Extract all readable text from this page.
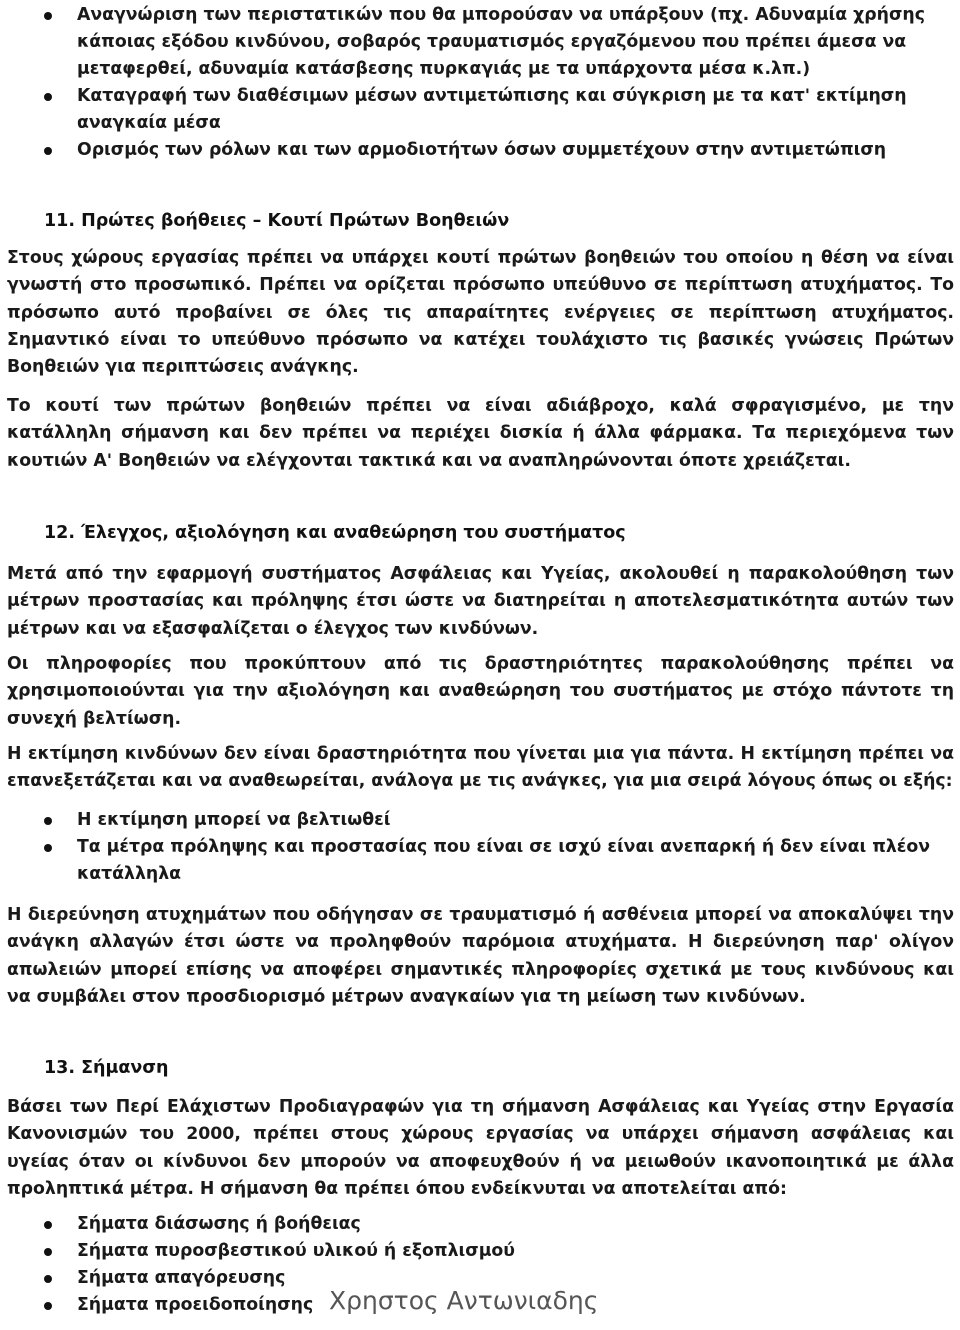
Αναγνώριση των περιστατικών που θα μπορούσαν να υπάρξουν (πχ. Αδυναμία χρήσης κάποιας εξόδου κινδύνου, σοβαρός τραυματισμός εργαζόμενου που πρέπει άμεσα να μεταφερθεί, αδυναμία κατάσβεσης πυρκαγιάς με τα υπάρχοντα μέσα κ.λπ.)
Καταγραφή των διαθέσιμων μέσων αντιμετώπισης και σύγκριση με τα κατ' εκτίμηση αναγκαία μέσα
Ορισμός των ρόλων και των αρμοδιοτήτων όσων συμμετέχουν στην αντιμετώπιση
11. Πρώτες βοήθειες – Κουτί Πρώτων Βοηθειών

Στους χώρους εργασίας πρέπει να υπάρχει κουτί πρώτων βοηθειών του οποίου η θέση να είναι γνωστή στο προσωπικό. Πρέπει να ορίζεται πρόσωπο υπεύθυνο σε περίπτωση ατυχήματος. Το πρόσωπο αυτό προβαίνει σε όλες τις απαραίτητες ενέργειες σε περίπτωση ατυχήματος. Σημαντικό είναι το υπεύθυνο πρόσωπο να κατέχει τουλάχιστο τις βασικές γνώσεις Πρώτων Βοηθειών για περιπτώσεις ανάγκης.

Το κουτί των πρώτων βοηθειών πρέπει να είναι αδιάβροχο, καλά σφραγισμένο, με την κατάλληλη σήμανση και δεν πρέπει να περιέχει δισκία ή άλλα φάρμακα. Τα περιεχόμενα των κουτιών Α' Βοηθειών να ελέγχονται τακτικά και να αναπληρώνονται όποτε χρειάζεται.

12. Έλεγχος, αξιολόγηση και αναθεώρηση του συστήματος

Μετά από την εφαρμογή συστήματος Ασφάλειας και Υγείας, ακολουθεί η παρακολούθηση των μέτρων προστασίας και πρόληψης έτσι ώστε να διατηρείται η αποτελεσματικότητα αυτών των μέτρων και να εξασφαλίζεται ο έλεγχος των κινδύνων.

Οι πληροφορίες που προκύπτουν από τις δραστηριότητες παρακολούθησης πρέπει να χρησιμοποιούνται για την αξιολόγηση και αναθεώρηση του συστήματος με στόχο πάντοτε τη συνεχή βελτίωση.

Η εκτίμηση κινδύνων δεν είναι δραστηριότητα που γίνεται μια για πάντα. Η εκτίμηση πρέπει να επανεξετάζεται και να αναθεωρείται, ανάλογα με τις ανάγκες, για μια σειρά λόγους όπως οι εξής:

Η εκτίμηση μπορεί να βελτιωθεί
Τα μέτρα πρόληψης και προστασίας που είναι σε ισχύ είναι ανεπαρκή ή δεν είναι πλέον κατάλληλα

Η διερεύνηση ατυχημάτων που οδήγησαν σε τραυματισμό ή ασθένεια μπορεί να αποκαλύψει την ανάγκη αλλαγών έτσι ώστε να προληφθούν παρόμοια ατυχήματα. Η διερεύνηση παρ' ολίγον απωλειών μπορεί επίσης να αποφέρει σημαντικές πληροφορίες σχετικά με τους κινδύνους και να συμβάλει στον προσδιορισμό μέτρων αναγκαίων για τη μείωση των κινδύνων.

13. Σήμανση

Βάσει των Περί Ελάχιστων Προδιαγραφών για τη σήμανση Ασφάλειας και Υγείας στην Εργασία Κανονισμών του 2000, πρέπει στους χώρους εργασίας να υπάρχει σήμανση ασφάλειας και υγείας όταν οι κίνδυνοι δεν μπορούν να αποφευχθούν ή να μειωθούν ικανοποιητικά με άλλα προληπτικά μέτρα. Η σήμανση θα πρέπει όπου ενδείκνυται να αποτελείται από:

Σήματα διάσωσης ή βοήθειας
Σήματα πυροσβεστικού υλικού ή εξοπλισμού
Σήματα απαγόρευσης
Σήματα προειδοποίησης Χρηστος Αντωνιαδης
